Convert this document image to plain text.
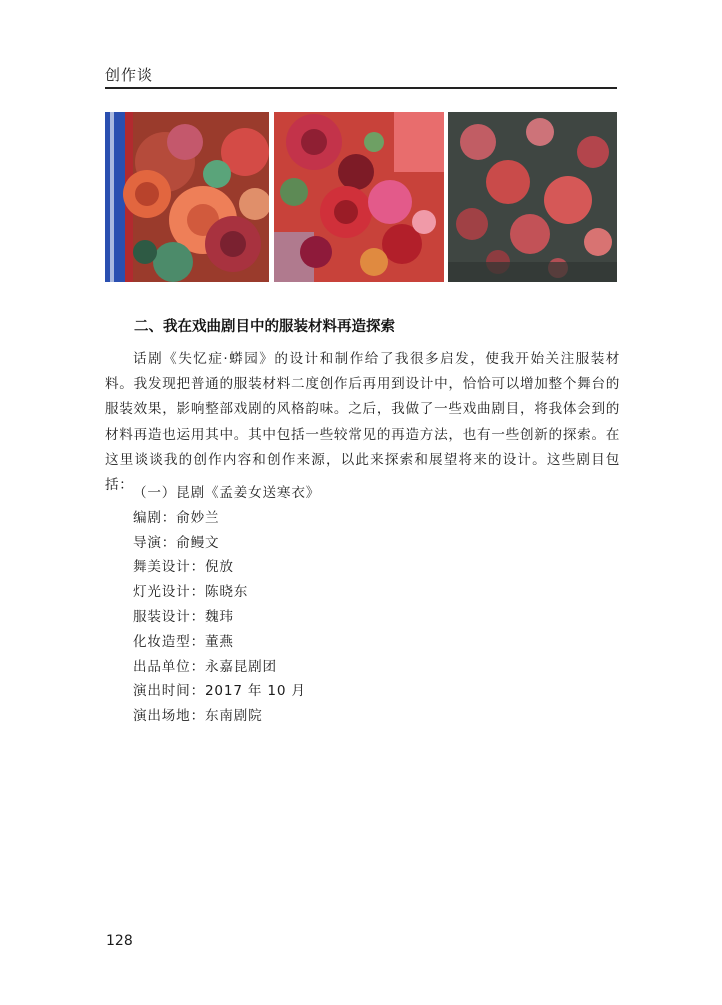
创作谈
二、我在戏曲剧目中的服装材料再造探索

话剧《失忆症·蟒园》的设计和制作给了我很多启发，使我开始关注服装材料。我发现把普通的服装材料二度创作后再用到设计中，恰恰可以增加整个舞台的服装效果，影响整部戏剧的风格韵味。之后，我做了一些戏曲剧目，将我体会到的材料再造也运用其中。其中包括一些较常见的再造方法，也有一些创新的探索。在这里谈谈我的创作内容和创作来源，以此来探索和展望将来的设计。这些剧目包括： （一）昆剧《孟姜女送寒衣》
编剧：俞妙兰
导演：俞鳗文
舞美设计：倪放
灯光设计：陈晓东
服装设计：魏玮
化妆造型：董燕
出品单位：永嘉昆剧团
演出时间：2017 年 10 月
演出场地：东南剧院
128
